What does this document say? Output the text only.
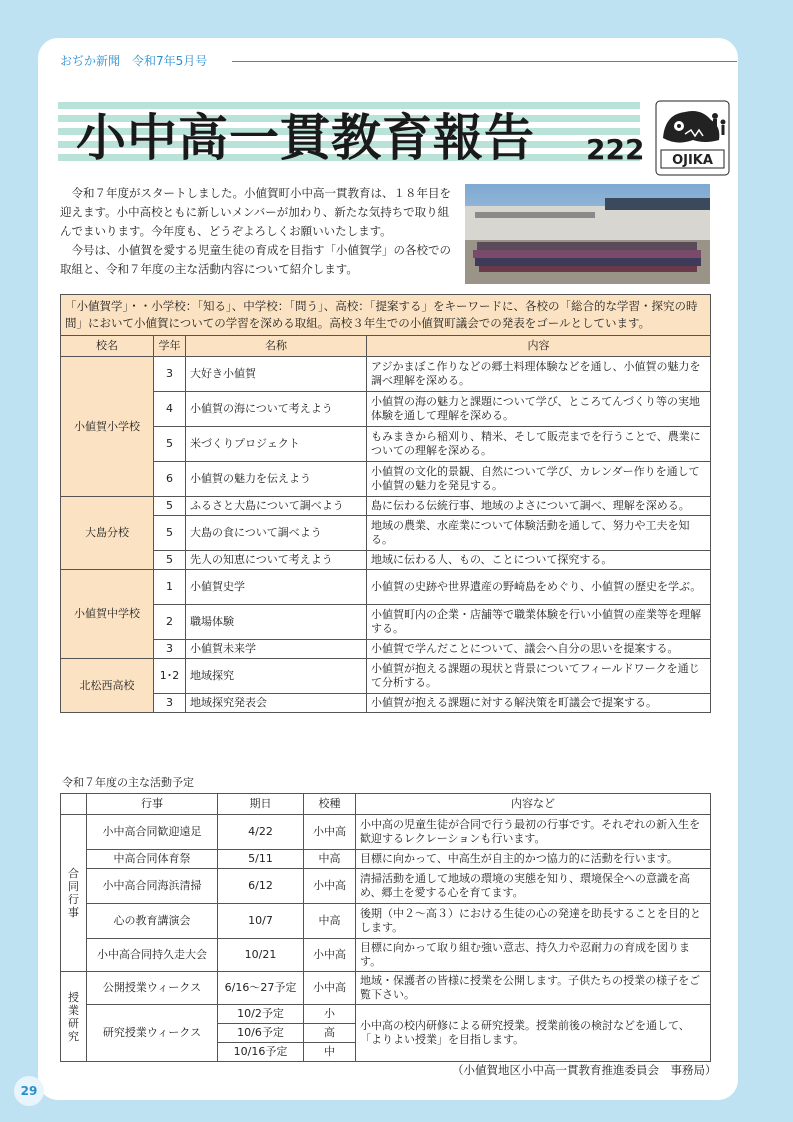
おぢか新聞　令和7年5月号
小中高一貫教育報告 222 OJIKA

令和７年度がスタートしました。小値賀町小中高一貫教育は、１８年目を迎えます。小中高校ともに新しいメンバーが加わり、新たな気持ちで取り組んでまいります。今年度も、どうぞよろしくお願いいたします。

今号は、小値賀を愛する児童生徒の育成を目指す「小値賀学」の各校での取組と、令和７年度の主な活動内容について紹介します。

「小値賀学」・・小学校：「知る」、中学校：「問う」、高校：「提案する」をキーワードに、各校の「総合的な学習・探究の時間」において小値賀についての学習を深める取組。高校３年生での小値賀町議会での発表をゴールとしています。			
校名	学年	名称	内容
小値賀小学校	3	大好き小値賀	アジかまぼこ作りなどの郷土料理体験などを通し、小値賀の魅力を調べ理解を深める。
	4	小値賀の海について考えよう	小値賀の海の魅力と課題について学び、ところてんづくり等の実地体験を通して理解を深める。
	5	米づくりプロジェクト	もみまきから稲刈り、精米、そして販売までを行うことで、農業についての理解を深める。
	6	小値賀の魅力を伝えよう	小値賀の文化的景観、自然について学び、カレンダー作りを通して小値賀の魅力を発見する。
大島分校	5	ふるさと大島について調べよう	島に伝わる伝統行事、地域のよさについて調べ、理解を深める。
	5	大島の食について調べよう	地域の農業、水産業について体験活動を通して、努力や工夫を知る。
	5	先人の知恵について考えよう	地域に伝わる人、もの、ことについて探究する。
小値賀中学校	1	小値賀史学	小値賀の史跡や世界遺産の野崎島をめぐり、小値賀の歴史を学ぶ。
	2	職場体験	小値賀町内の企業・店舗等で職業体験を行い小値賀の産業等を理解する。
	3	小値賀未来学	小値賀で学んだことについて、議会へ自分の思いを提案する。
北松西高校	1･2	地域探究	小値賀が抱える課題の現状と背景についてフィールドワークを通じて分析する。
	3	地域探究発表会	小値賀が抱える課題に対する解決策を町議会で提案する。
令和７年度の主な活動予定
	行事	期日	校種	内容など

合同行事	小中高合同歓迎遠足	4/22	小中高	小中高の児童生徒が合同で行う最初の行事です。それぞれの新入生を歓迎するレクレーションも行います。
	中高合同体育祭	5/11	中高	目標に向かって、中高生が自主的かつ協力的に活動を行います。
	小中高合同海浜清掃	6/12	小中高	清掃活動を通して地域の環境の実態を知り、環境保全への意識を高め、郷土を愛する心を育てます。
	心の教育講演会	10/7	中高	後期（中２～高３）における生徒の心の発達を助長することを目的とします。
	小中高合同持久走大会	10/21	小中高	目標に向かって取り組む強い意志、持久力や忍耐力の育成を図ります。

授業研究	公開授業ウィークス	6/16～27予定	小中高	地域・保護者の皆様に授業を公開します。子供たちの授業の様子をご覧下さい。
	研究授業ウィークス	10/2予定	小	小中高の校内研修による研究授業。授業前後の検討などを通して、「よりよい授業」を目指します。
		10/6予定	高	
		10/16予定	中	
（小値賀地区小中高一貫教育推進委員会　事務局）
29
